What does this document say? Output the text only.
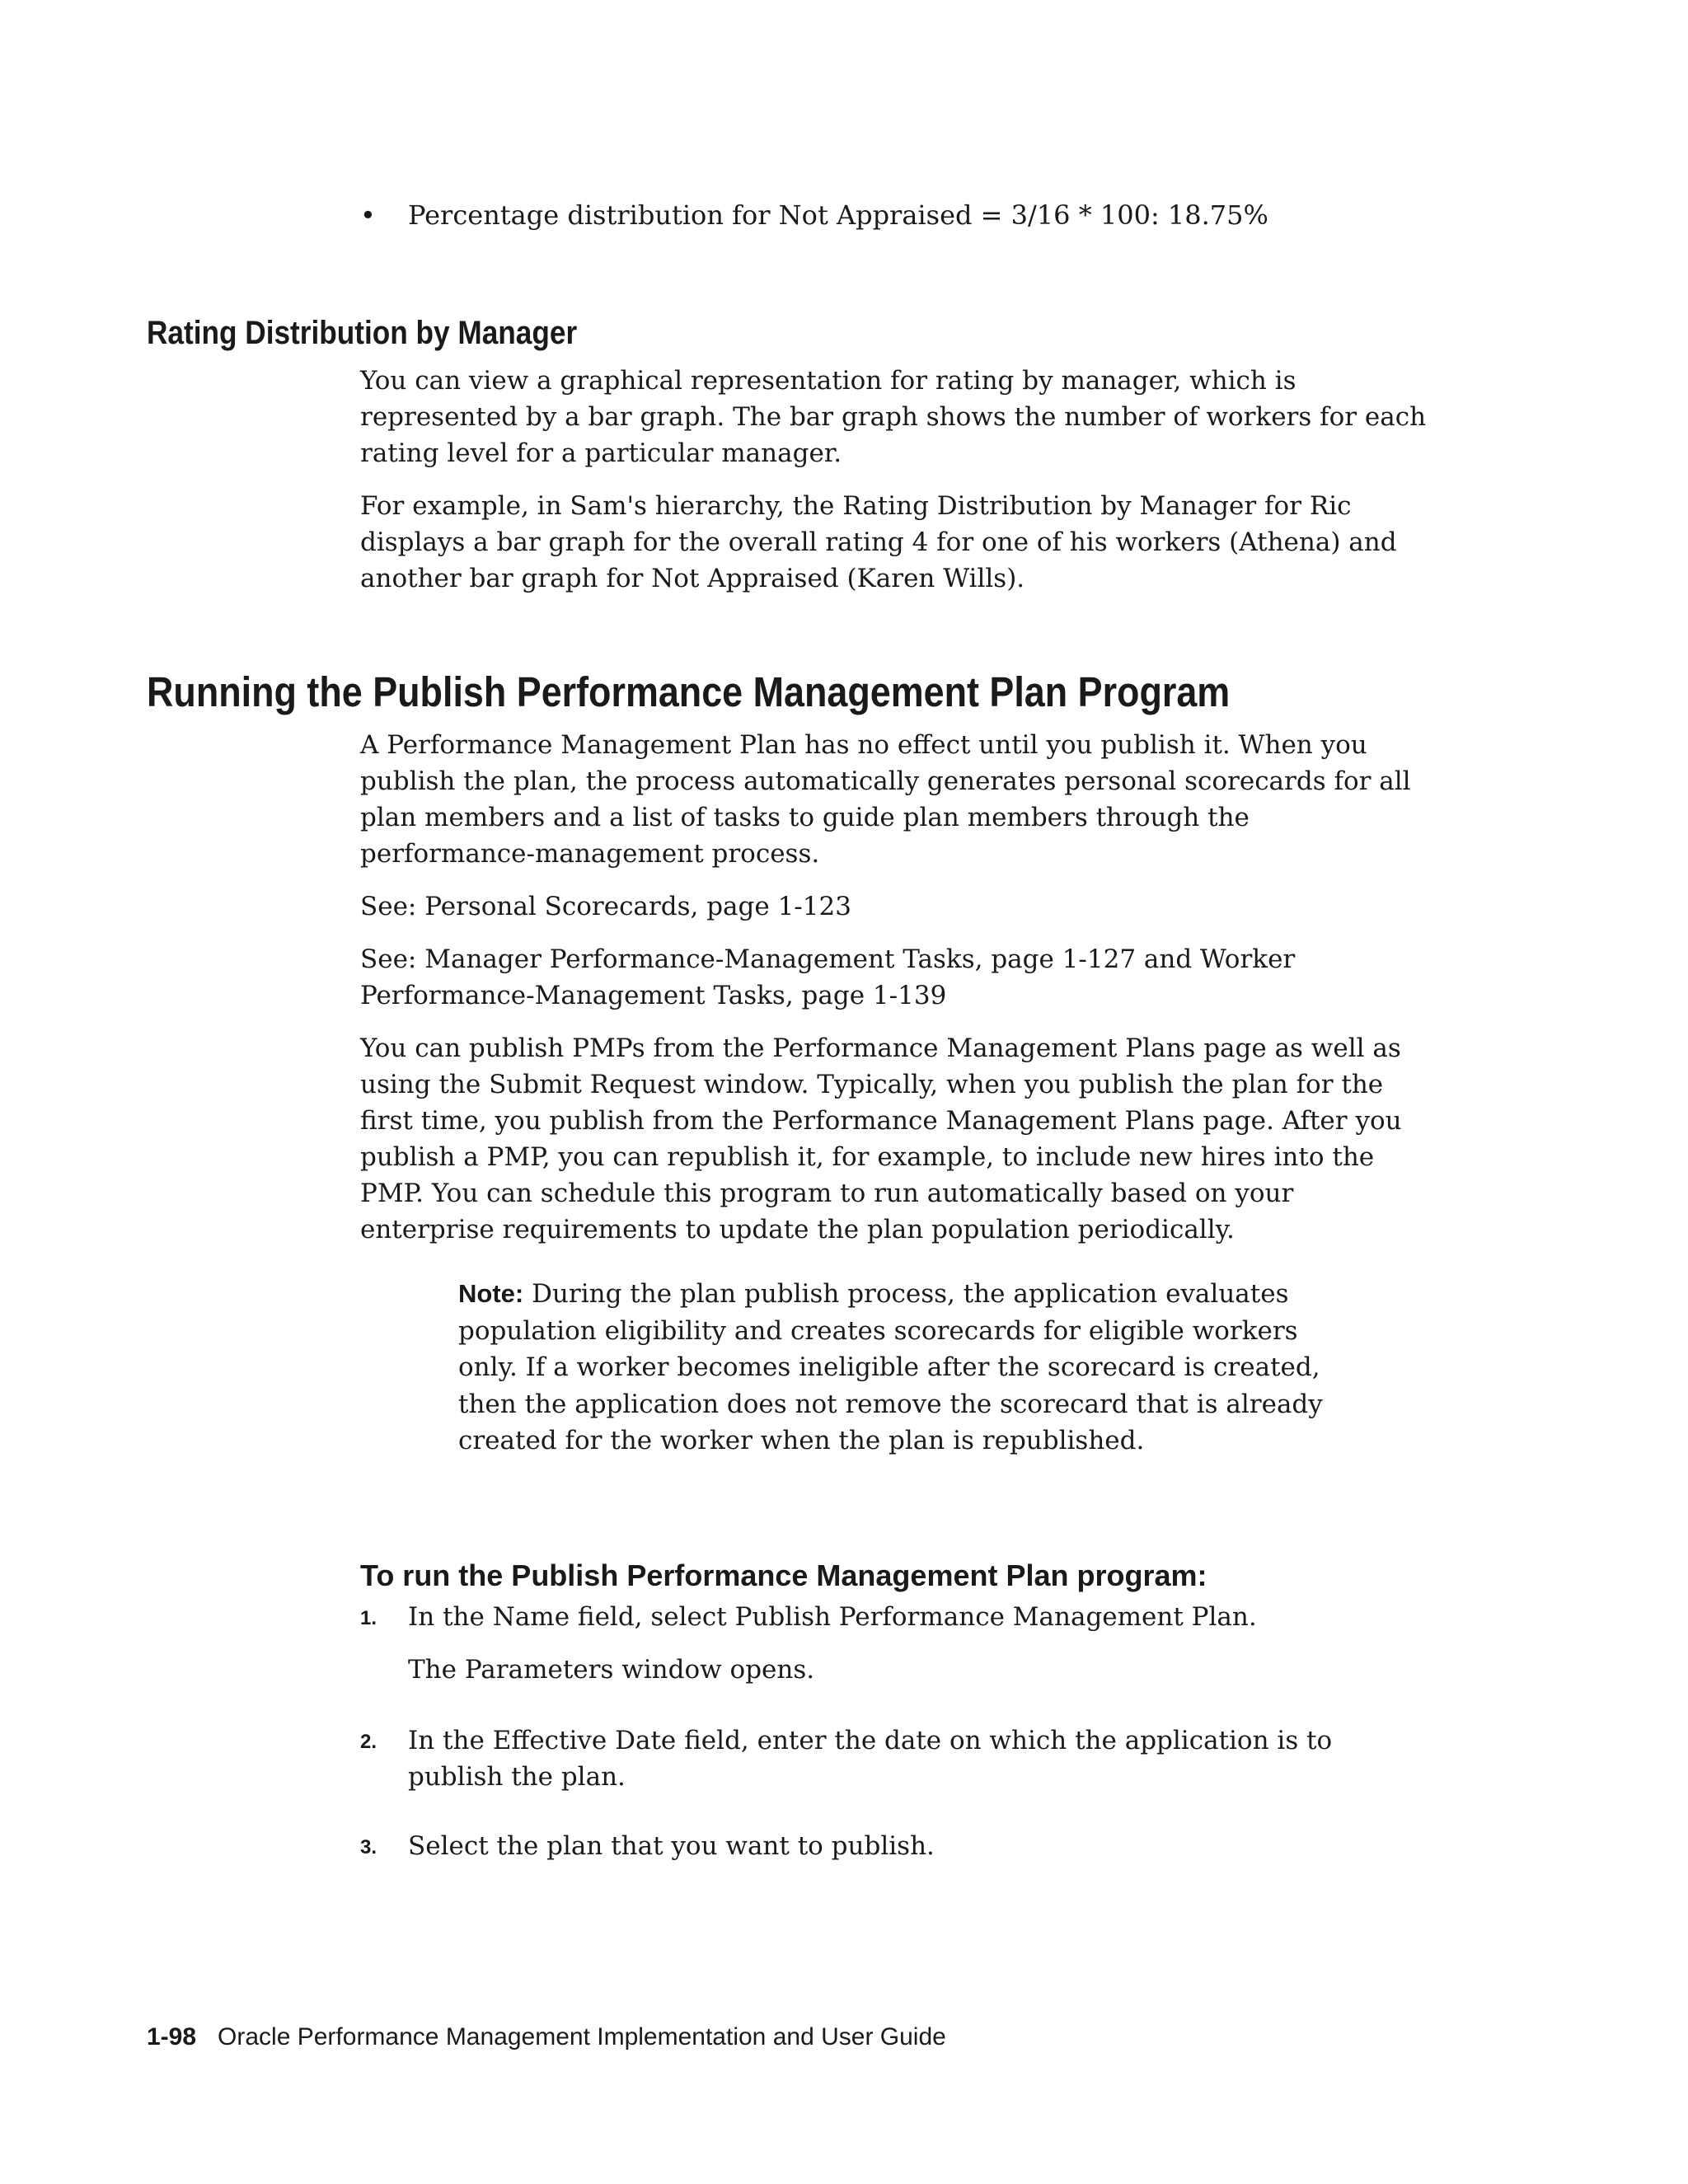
• Percentage distribution for Not Appraised = 3/16 * 100: 18.75%
Rating Distribution by Manager

You can view a graphical representation for rating by manager, which is represented by a bar graph. The bar graph shows the number of workers for each rating level for a particular manager.

For example, in Sam's hierarchy, the Rating Distribution by Manager for Ric displays a bar graph for the overall rating 4 for one of his workers (Athena) and another bar graph for Not Appraised (Karen Wills).

Running the Publish Performance Management Plan Program

A Performance Management Plan has no effect until you publish it. When you publish the plan, the process automatically generates personal scorecards for all plan members and a list of tasks to guide plan members through the performance-management process.

See: Personal Scorecards, page 1-123

See: Manager Performance-Management Tasks, page 1-127 and Worker Performance-Management Tasks, page 1-139

You can publish PMPs from the Performance Management Plans page as well as using the Submit Request window. Typically, when you publish the plan for the first time, you publish from the Performance Management Plans page. After you publish a PMP, you can republish it, for example, to include new hires into the PMP. You can schedule this program to run automatically based on your enterprise requirements to update the plan population periodically.

Note: During the plan publish process, the application evaluates population eligibility and creates scorecards for eligible workers only. If a worker becomes ineligible after the scorecard is created, then the application does not remove the scorecard that is already created for the worker when the plan is republished.
To run the Publish Performance Management Plan program:
1. In the Name field, select Publish Performance Management Plan.
The Parameters window opens.
2. In the Effective Date field, enter the date on which the application is to publish the plan.
3. Select the plan that you want to publish.
1-98 Oracle Performance Management Implementation and User Guide
